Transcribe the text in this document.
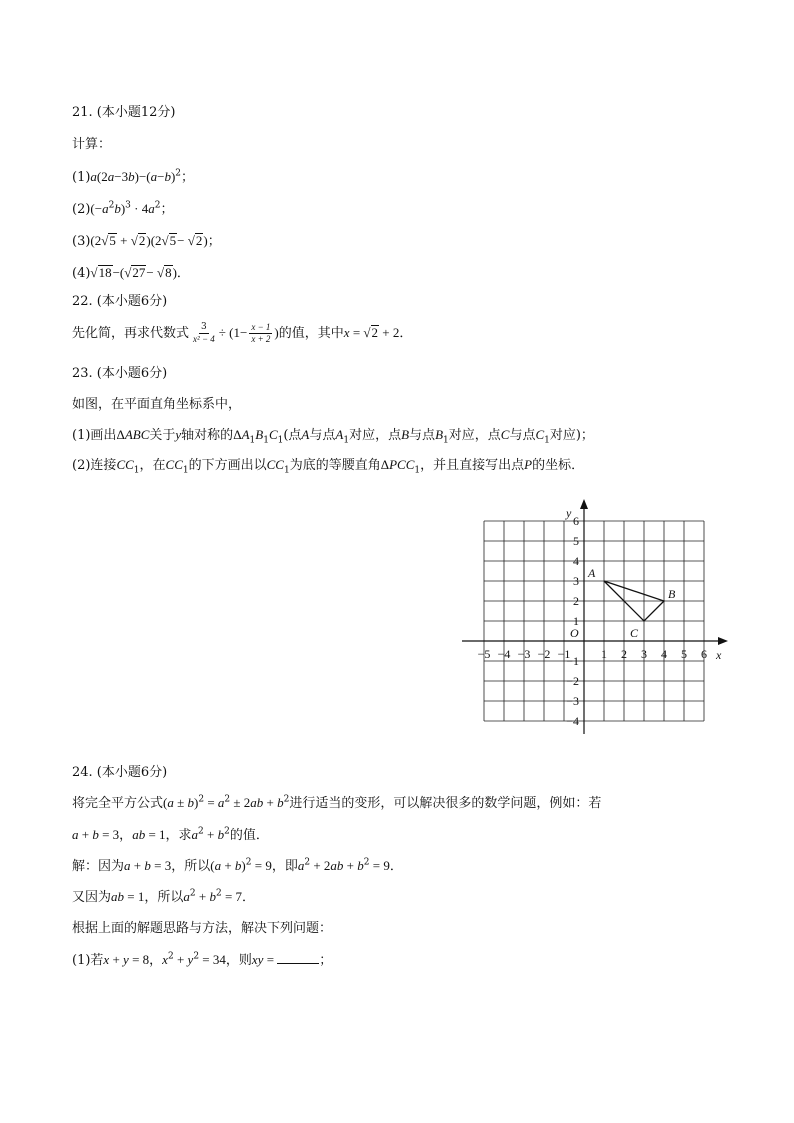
21. (本小题12分)
计算：
$(1)a(2a-3b)-(a-b)^2$；
$(2)(-a^2b)^3 \cdot 4a^2$；
(3)(2√5 + √2)(2√5− √2)；
(4)√18−(√27− √8)．
22. (本小题6分)
先化简，再求代数式 $\frac{3}{\text{x² − 4}} \div (1- \frac{x - 1}{x + 2}$ )的值，其中x = √2 + 2．
23. (本小题6分)
如图，在平面直角坐标系中，
(1)画出ΔABC关于y轴对称的$\Delta A_1B_1C_1$(点A与点$A_1$对应，点B与点$B_1$对应，点C与点$C_1$对应)；
(2)连接$CC_1$，在$CC_1$的下方画出以$CC_1$为底的等腰直角$\Delta PCC_1$，并且直接写出点P的坐标．
x
y
O
−5 −4 −3 −2 −1	1 2 3 4 5 6
−4
−3
−2
−1
1
2
3
4
5
6
A
B
C
24. (本小题6分)
将完全平方公式$(a \pm b)^2 = a^2 \pm 2ab + b^2$进行适当的变形，可以解决很多的数学问题，例如：若
a + b = 3，ab = 1，求$a^2 + b^2$的值．
解：因为a + b = 3，所以$(a + b)^2 = 9$，即$a^2 + 2ab + b^2 = 9$．
又因为ab = 1，所以$a^2 + b^2 = 7$．
根据上面的解题思路与方法，解决下列问题：
(1)若x + y = 8，$x^2 + y^2 = 34$，则xy =	；
